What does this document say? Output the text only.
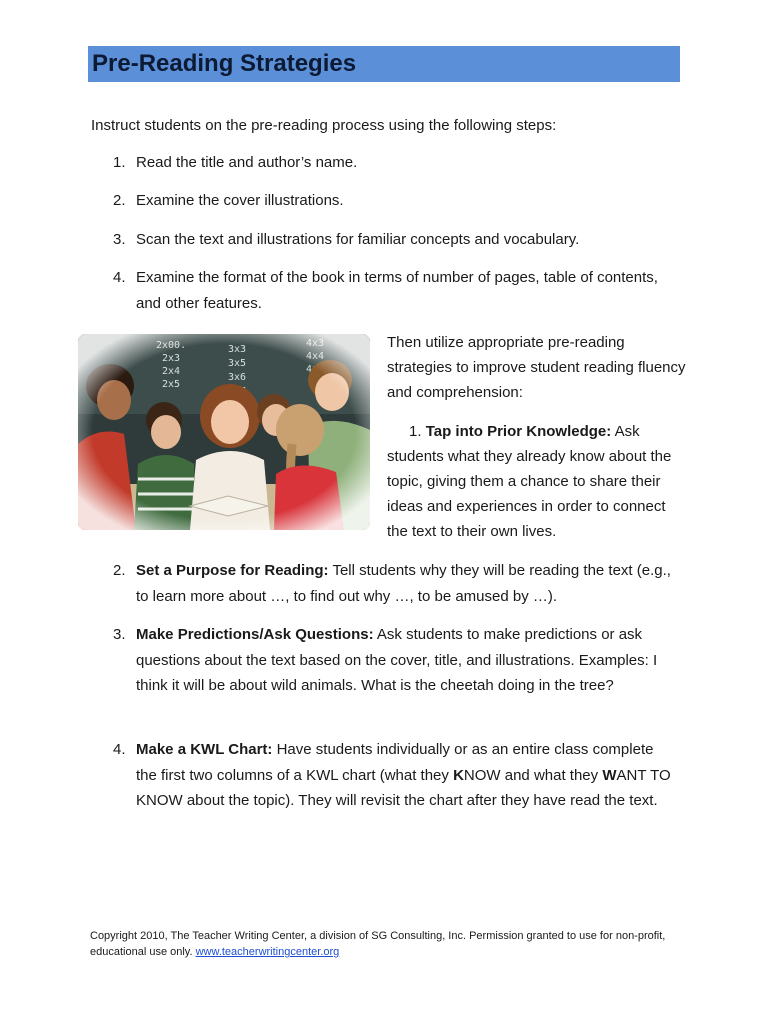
Pre-Reading Strategies
Instruct students on the pre-reading process using the following steps:
1. Read the title and author’s name.
2. Examine the cover illustrations.
3. Scan the text and illustrations for familiar concepts and vocabulary.
4. Examine the format of the book in terms of number of pages, table of contents, and other features.
Then utilize appropriate pre-reading strategies to improve student reading fluency and comprehension:
1. Tap into Prior Knowledge: Ask students what they already know about the topic, giving them a chance to share their ideas and experiences in order to connect the text to their own lives.
2. Set a Purpose for Reading: Tell students why they will be reading the text (e.g., to learn more about …, to find out why …, to be amused by …).
3. Make Predictions/Ask Questions: Ask students to make predictions or ask questions about the text based on the cover, title, and illustrations. Examples: I think it will be about wild animals. What is the cheetah doing in the tree?
4. Make a KWL Chart: Have students individually or as an entire class complete the first two columns of a KWL chart (what they KNOW and what they WANT TO KNOW about the topic). They will revisit the chart after they have read the text.
Copyright 2010, The Teacher Writing Center, a division of SG Consulting, Inc. Permission granted to use for non-profit, educational use only. www.teacherwritingcenter.org
